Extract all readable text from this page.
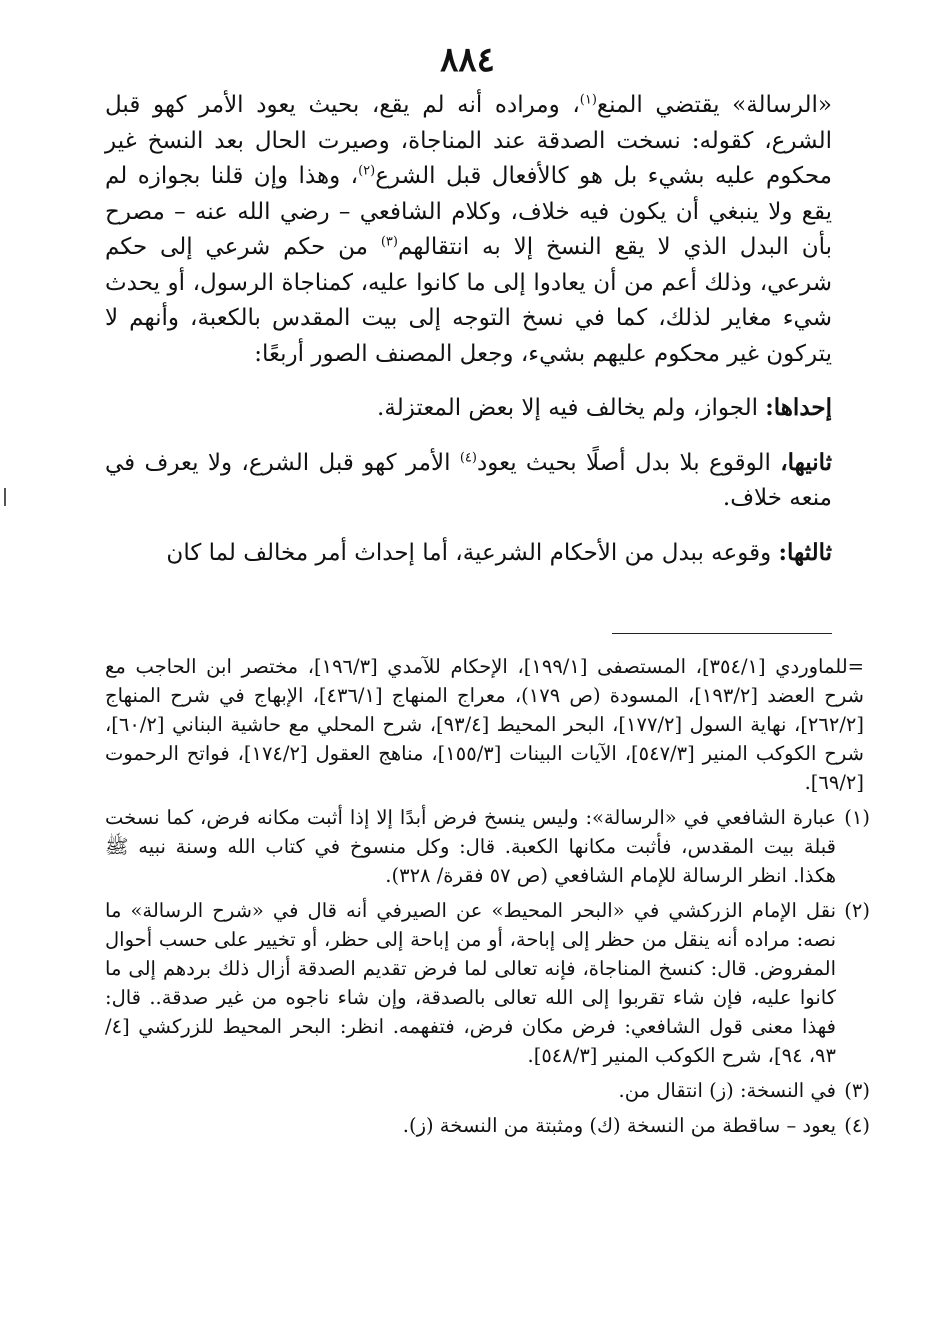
٨٨٤

«الرسالة» يقتضي المنع$^{(١)}$، ومراده أنه لم يقع، بحيث يعود الأمر كهو قبل الشرع، كقوله: نسخت الصدقة عند المناجاة، وصيرت الحال بعد النسخ غير محكوم عليه بشيء بل هو كالأفعال قبل الشرع$^{(٢)}$، وهذا وإن قلنا بجوازه لم يقع ولا ينبغي أن يكون فيه خلاف، وكلام الشافعي – رضي الله عنه – مصرح بأن البدل الذي لا يقع النسخ إلا به انتقالهم$^{(٣)}$ من حكم شرعي إلى حكم شرعي، وذلك أعم من أن يعادوا إلى ما كانوا عليه، كمناجاة الرسول، أو يحدث شيء مغاير لذلك، كما في نسخ التوجه إلى بيت المقدس بالكعبة، وأنهم لا يتركون غير محكوم عليهم بشيء، وجعل المصنف الصور أربعًا:

إحداها: الجواز، ولم يخالف فيه إلا بعض المعتزلة.

ثانيها، الوقوع بلا بدل أصلًا بحيث يعود$^{(٤)}$ الأمر كهو قبل الشرع، ولا يعرف في منعه خلاف.

ثالثها: وقوعه ببدل من الأحكام الشرعية، أما إحداث أمر مخالف لما كان

=للماوردي [٣٥٤/١]، المستصفى [١٩٩/١]، الإحكام للآمدي [١٩٦/٣]، مختصر ابن الحاجب مع شرح العضد [١٩٣/٢]، المسودة (ص ١٧٩)، معراج المنهاج [٤٣٦/١]، الإبهاج في شرح المنهاج [٢٦٢/٢]، نهاية السول [١٧٧/٢]، البحر المحيط [٩٣/٤]، شرح المحلي مع حاشية البناني [٦٠/٢]، شرح الكوكب المنير [٥٤٧/٣]، الآيات البينات [١٥٥/٣]، مناهج العقول [١٧٤/٢]، فواتح الرحموت [٦٩/٢].

(١)
عبارة الشافعي في «الرسالة»: وليس ينسخ فرض أبدًا إلا إذا أثبت مكانه فرض، كما نسخت قبلة بيت المقدس، فأثبت مكانها الكعبة. قال: وكل منسوخ في كتاب الله وسنة نبيه ﷺ هكذا. انظر الرسالة للإمام الشافعي (ص ٥٧ فقرة/ ٣٢٨).
(٢)
نقل الإمام الزركشي في «البحر المحيط» عن الصيرفي أنه قال في «شرح الرسالة» ما نصه: مراده أنه ينقل من حظر إلى إباحة، أو من إباحة إلى حظر، أو تخيير على حسب أحوال المفروض. قال: كنسخ المناجاة، فإنه تعالى لما فرض تقديم الصدقة أزال ذلك بردهم إلى ما كانوا عليه، فإن شاء تقربوا إلى الله تعالى بالصدقة، وإن شاء ناجوه من غير صدقة.. قال: فهذا معنى قول الشافعي: فرض مكان فرض، فتفهمه. انظر: البحر المحيط للزركشي [٤/ ٩٣، ٩٤]، شرح الكوكب المنير [٥٤٨/٣].
(٣)
في النسخة: (ز) انتقال من.
(٤)
يعود – ساقطة من النسخة (ك) ومثبتة من النسخة (ز).
